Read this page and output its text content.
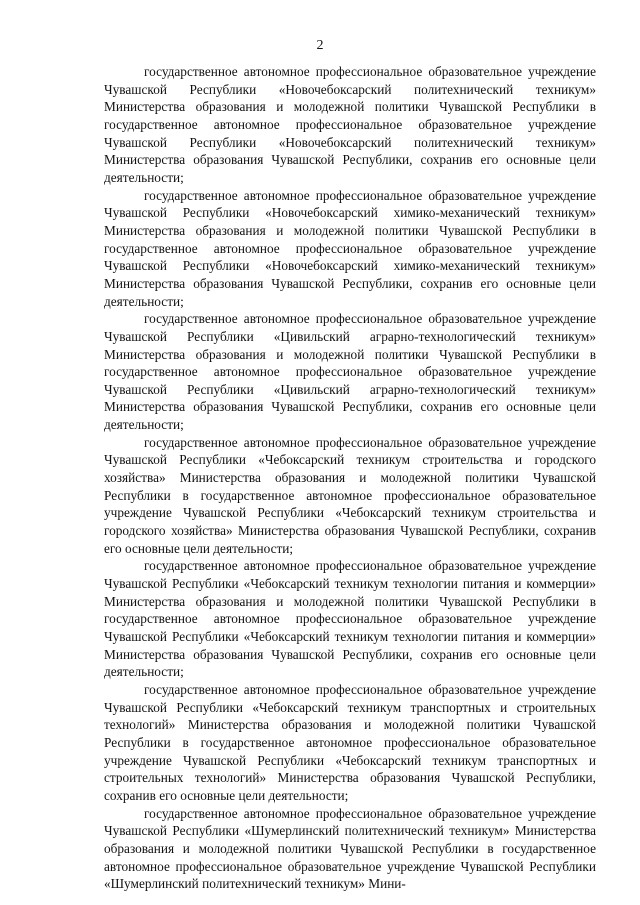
2

государственное автономное профессиональное образовательное учреждение Чувашской Республики «Новочебоксарский политехнический техникум» Министерства образования и молодежной политики Чувашской Республики в государственное автономное профессиональное образовательное учреждение Чувашской Республики «Новочебоксарский политехнический техникум» Министерства образования Чувашской Республики, сохранив его основные цели деятельности;

государственное автономное профессиональное образовательное учреждение Чувашской Республики «Новочебоксарский химико-механический техникум» Министерства образования и молодежной политики Чувашской Республики в государственное автономное профессиональное образовательное учреждение Чувашской Республики «Новочебоксарский химико-механический техникум» Министерства образования Чувашской Республики, сохранив его основные цели деятельности;

государственное автономное профессиональное образовательное учреждение Чувашской Республики «Цивильский аграрно-технологический техникум» Министерства образования и молодежной политики Чувашской Республики в государственное автономное профессиональное образовательное учреждение Чувашской Республики «Цивильский аграрно-технологический техникум» Министерства образования Чувашской Республики, сохранив его основные цели деятельности;

государственное автономное профессиональное образовательное учреждение Чувашской Республики «Чебоксарский техникум строительства и городского хозяйства» Министерства образования и молодежной политики Чувашской Республики в государственное автономное профессиональное образовательное учреждение Чувашской Республики «Чебоксарский техникум строительства и городского хозяйства» Министерства образования Чувашской Республики, сохранив его основные цели деятельности;

государственное автономное профессиональное образовательное учреждение Чувашской Республики «Чебоксарский техникум технологии питания и коммерции» Министерства образования и молодежной политики Чувашской Республики в государственное автономное профессиональное образовательное учреждение Чувашской Республики «Чебоксарский техникум технологии питания и коммерции» Министерства образования Чувашской Республики, сохранив его основные цели деятельности;

государственное автономное профессиональное образовательное учреждение Чувашской Республики «Чебоксарский техникум транспортных и строительных технологий» Министерства образования и молодежной политики Чувашской Республики в государственное автономное профессиональное образовательное учреждение Чувашской Республики «Чебоксарский техникум транспортных и строительных технологий» Министерства образования Чувашской Республики, сохранив его основные цели деятельности;

государственное автономное профессиональное образовательное учреждение Чувашской Республики «Шумерлинский политехнический техникум» Министерства образования и молодежной политики Чувашской Республики в государственное автономное профессиональное образовательное учреждение Чувашской Республики «Шумерлинский политехнический техникум» Мини-
